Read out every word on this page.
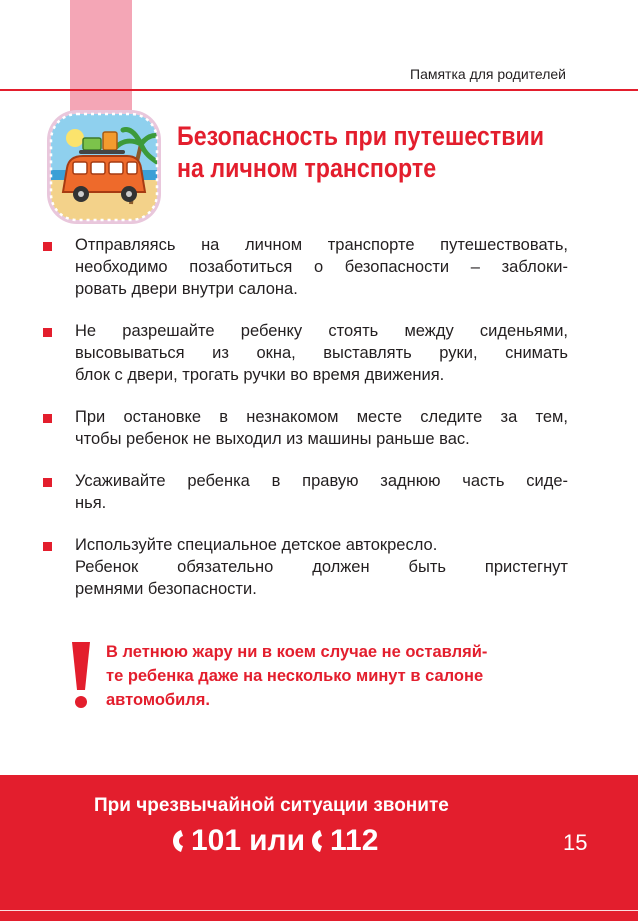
Памятка для родителей
Безопасность при путешествии
на личном транспорте
Отправляясь на личном транспорте путешествовать,
необходимо позаботиться о безопасности – заблоки-
ровать двери внутри салона.
Не разрешайте ребенку стоять между сиденьями,
высовываться из окна, выставлять руки, снимать
блок с двери, трогать ручки во время движения.
При остановке в незнакомом месте следите за тем,
чтобы ребенок не выходил из машины раньше вас.
Усаживайте ребенка в правую заднюю часть сиде-
нья.
Используйте специальное детское автокресло.
Ребенок обязательно должен быть пристегнут
ремнями безопасности.
В летнюю жару ни в коем случае не оставляй-
те ребенка даже на несколько минут в салоне
автомобиля.
При чрезвычайной ситуации звоните
101 или 112	15
